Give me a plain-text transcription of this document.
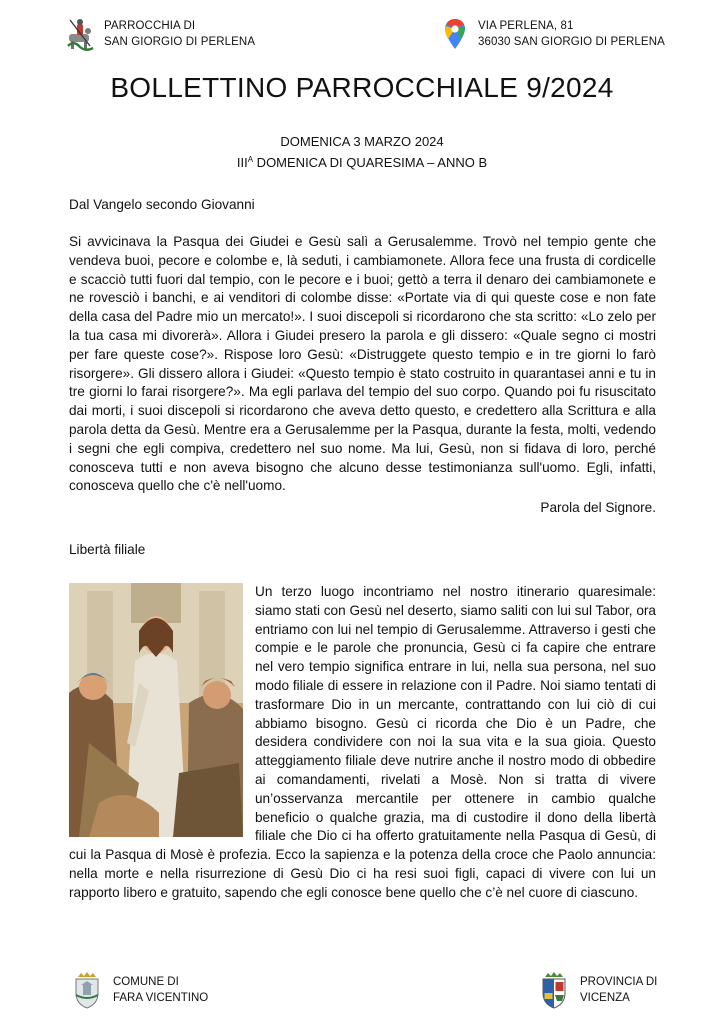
PARROCCHIA DI
SAN GIORGIO DI PERLENA
VIA PERLENA, 81
36030 SAN GIORGIO DI PERLENA
BOLLETTINO PARROCCHIALE 9/2024
DOMENICA 3 MARZO 2024
$III^A$ DOMENICA DI QUARESIMA – ANNO B
Dal Vangelo secondo Giovanni
Si avvicinava la Pasqua dei Giudei e Gesù salì a Gerusalemme. Trovò nel tempio gente che vendeva buoi, pecore e colombe e, là seduti, i cambiamonete. Allora fece una frusta di cordicelle e scacciò tutti fuori dal tempio, con le pecore e i buoi; gettò a terra il denaro dei cambiamonete e ne rovesciò i banchi, e ai venditori di colombe disse: «Portate via di qui queste cose e non fate della casa del Padre mio un mercato!». I suoi discepoli si ricordarono che sta scritto: «Lo zelo per la tua casa mi divorerà». Allora i Giudei presero la parola e gli dissero: «Quale segno ci mostri per fare queste cose?». Rispose loro Gesù: «Distruggete questo tempio e in tre giorni lo farò risorgere». Gli dissero allora i Giudei: «Questo tempio è stato costruito in quarantasei anni e tu in tre giorni lo farai risorgere?». Ma egli parlava del tempio del suo corpo. Quando poi fu risuscitato dai morti, i suoi discepoli si ricordarono che aveva detto questo, e credettero alla Scrittura e alla parola detta da Gesù. Mentre era a Gerusalemme per la Pasqua, durante la festa, molti, vedendo i segni che egli compiva, credettero nel suo nome. Ma lui, Gesù, non si fidava di loro, perché conosceva tutti e non aveva bisogno che alcuno desse testimonianza sull'uomo. Egli, infatti, conosceva quello che c'è nell'uomo.
Parola del Signore.
Libertà filiale
Un terzo luogo incontriamo nel nostro itinerario quaresimale: siamo stati con Gesù nel deserto, siamo saliti con lui sul Tabor, ora entriamo con lui nel tempio di Gerusalemme. Attraverso i gesti che compie e le parole che pronuncia, Gesù ci fa capire che entrare nel vero tempio significa entrare in lui, nella sua persona, nel suo modo filiale di essere in relazione con il Padre. Noi siamo tentati di trasformare Dio in un mercante, contrattando con lui ciò di cui abbiamo bisogno. Gesù ci ricorda che Dio è un Padre, che desidera condividere con noi la sua vita e la sua gioia. Questo atteggiamento filiale deve nutrire anche il nostro modo di obbedire ai comandamenti, rivelati a Mosè. Non si tratta di vivere un’osservanza mercantile per ottenere in cambio qualche beneficio o qualche grazia, ma di custodire il dono della libertà filiale che Dio ci ha offerto gratuitamente nella Pasqua di Gesù, di cui la Pasqua di Mosè è profezia. Ecco la sapienza e la potenza della croce che Paolo annuncia: nella morte e nella risurrezione di Gesù Dio ci ha resi suoi figli, capaci di vivere con lui un rapporto libero e gratuito, sapendo che egli conosce bene quello che c’è nel cuore di ciascuno.
COMUNE DI
FARA VICENTINO
PROVINCIA DI
VICENZA
